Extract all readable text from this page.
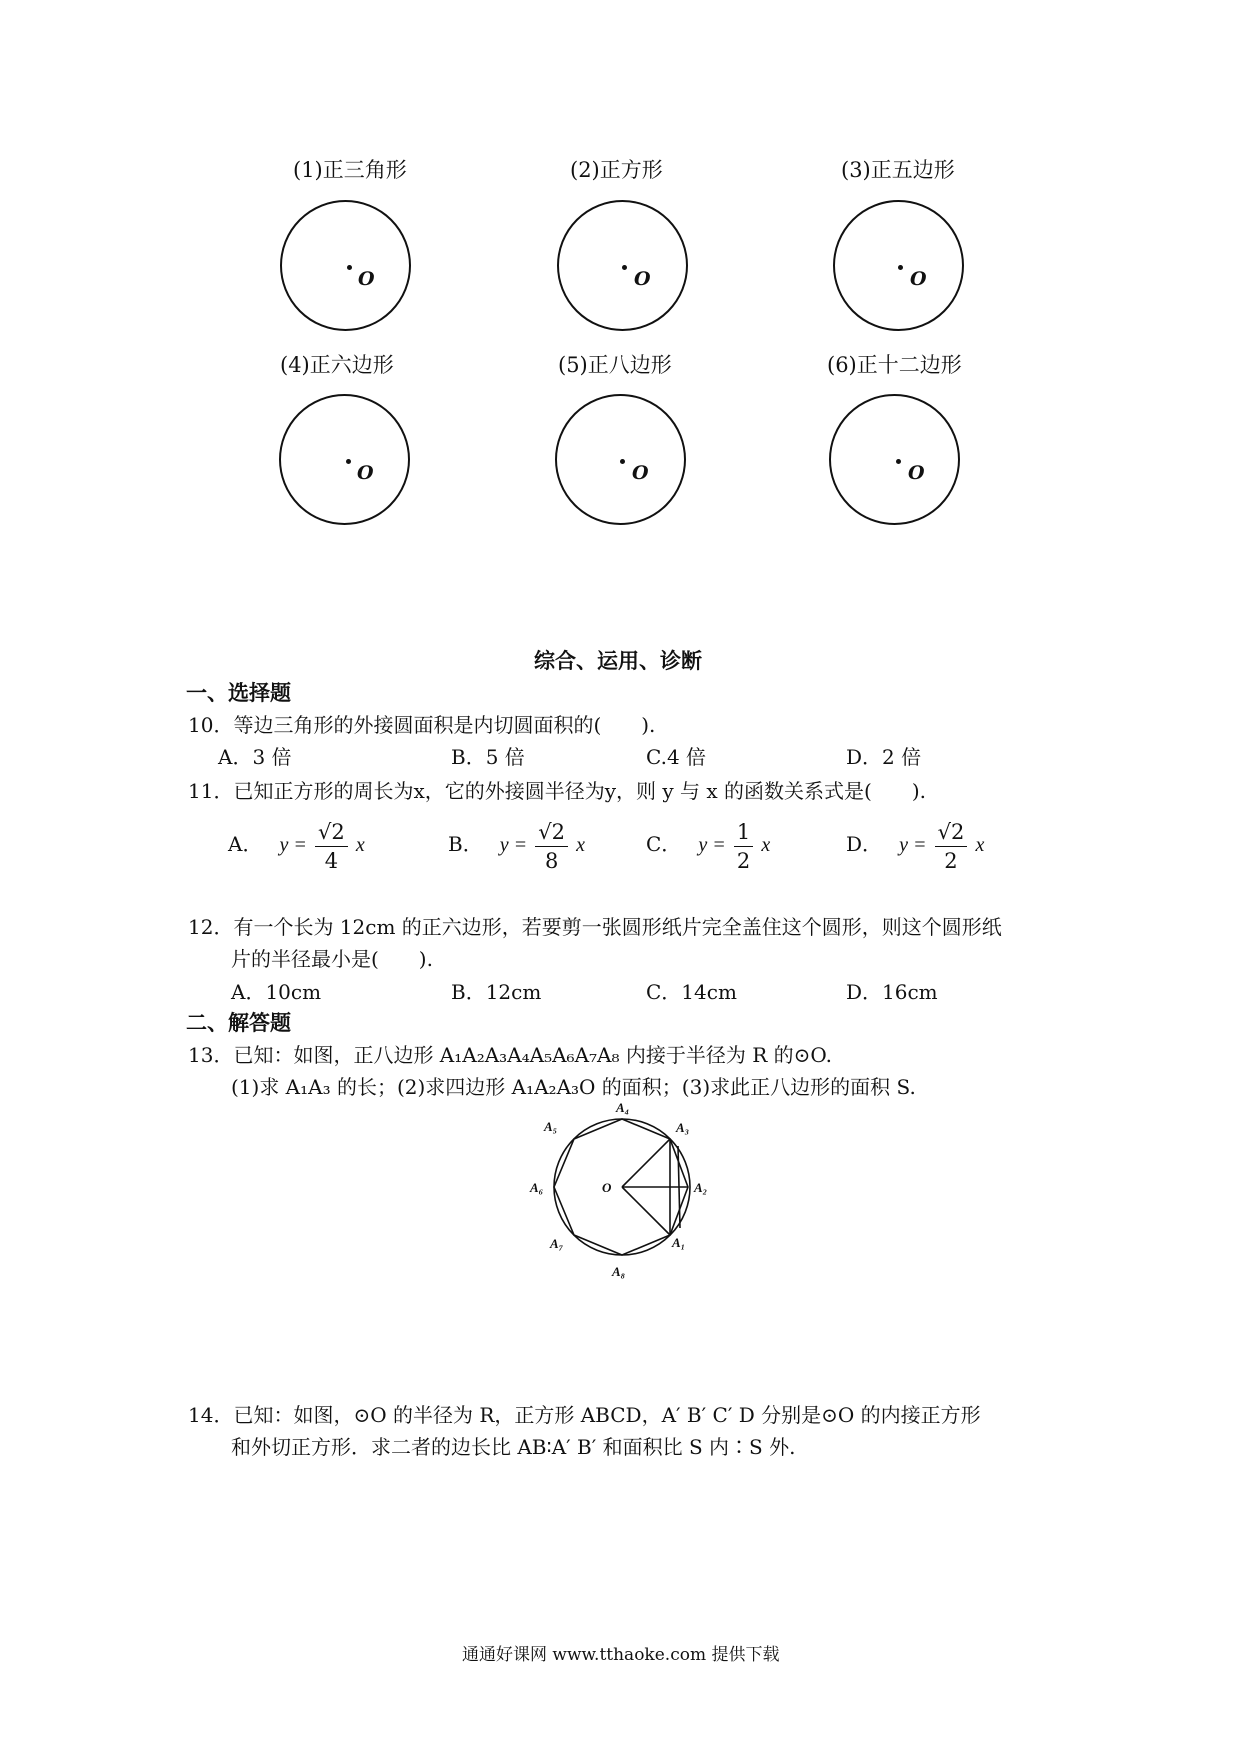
(1)正三角形	(2)正方形	(3)正五边形
O	O	O
(4)正六边形	(5)正八边形	(6)正十二边形
O	O	O
综合、运用、诊断
一、选择题
10．等边三角形的外接圆面积是内切圆面积的(　　).
A．3 倍	B．5 倍	C.4 倍	D．2 倍
11．已知正方形的周长为x，它的外接圆半径为y，则 y 与 x 的函数关系式是(　　).
A． $y = \frac{√2}{4}$ x	B． $y = \frac{√2}{8}$ x	C． $y = \frac{1}{2}$ x	D． $y = \frac{√2}{2}$ x
12．有一个长为 12cm 的正六边形，若要剪一张圆形纸片完全盖住这个圆形，则这个圆形纸
片的半径最小是(　　).
A．10cm	B．12cm	C．14cm	D．16cm
二、解答题
13．已知：如图，正八边形 A₁A₂A₃A₄A₅A₆A₇A₈ 内接于半径为 R 的⊙O.
(1)求 A₁A₃ 的长；(2)求四边形 A₁A₂A₃O 的面积；(3)求此正八边形的面积 S.
O
A₁
A₂
A₃
A₄
A₅
A₆
A₇
A₈
14．已知：如图，⊙O 的半径为 R，正方形 ABCD，A′ B′ C′ D 分别是⊙O 的内接正方形
和外切正方形．求二者的边长比 AB∶A′ B′ 和面积比 S 内∶S 外.
通通好课网 www.tthaoke.com 提供下载
